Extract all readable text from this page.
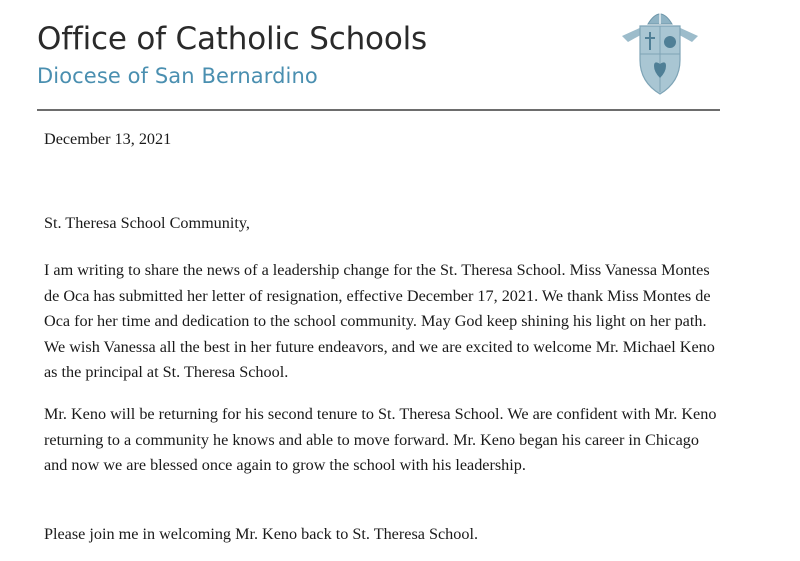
Office of Catholic Schools
Diocese of San Bernardino

December 13, 2021

St. Theresa School Community,

I am writing to share the news of a leadership change for the St. Theresa School. Miss Vanessa Montes de Oca has submitted her letter of resignation, effective December 17, 2021. We thank Miss Montes de Oca for her time and dedication to the school community. May God keep shining his light on her path. We wish Vanessa all the best in her future endeavors, and we are excited to welcome Mr. Michael Keno as the principal at St. Theresa School.

Mr. Keno will be returning for his second tenure to St. Theresa School. We are confident with Mr. Keno returning to a community he knows and able to move forward. Mr. Keno began his career in Chicago and now we are blessed once again to grow the school with his leadership.

Please join me in welcoming Mr. Keno back to St. Theresa School.
